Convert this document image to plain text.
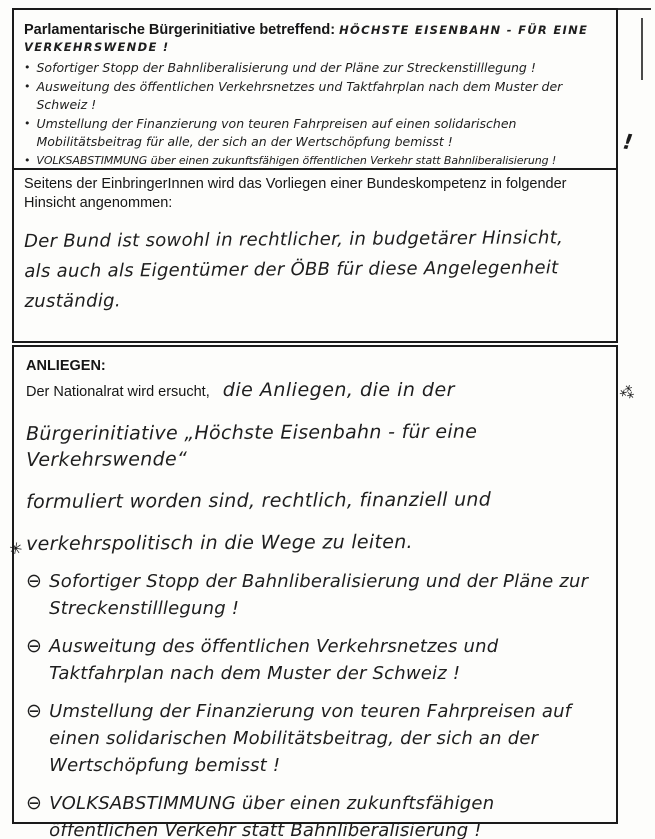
Parlamentarische Bürgerinitiative betreffend: HÖCHSTE EISENBAHN - FÜR EINE VERKEHRSWENDE !

• Sofortiger Stopp der Bahnliberalisierung und der Pläne zur Streckenstilllegung !
• Ausweitung des öffentlichen Verkehrsnetzes und Taktfahrplan nach dem Muster der Schweiz !
• Umstellung der Finanzierung von teuren Fahrpreisen auf einen solidarischen Mobilitätsbeitrag für alle, der sich an der Wertschöpfung bemisst !
• VOLKSABSTIMMUNG über einen zukunftsfähigen öffentlichen Verkehr statt Bahnliberalisierung !

Seitens der EinbringerInnen wird das Vorliegen einer Bundeskompetenz in folgender Hinsicht angenommen:

Der Bund ist sowohl in rechtlicher, in budgetärer Hinsicht,
als auch als Eigentümer der ÖBB für diese Angelegenheit
zuständig.

ANLIEGEN:

Der Nationalrat wird ersucht, die Anliegen, die in der

Bürgerinitiative „Höchste Eisenbahn - für eine Verkehrswende“
formuliert worden sind, rechtlich, finanziell und
verkehrspolitisch in die Wege zu leiten.
⊖ Sofortiger Stopp der Bahnliberalisierung und der Pläne zur Streckenstilllegung !
⊖ Ausweitung des öffentlichen Verkehrsnetzes und Taktfahrplan nach dem Muster der Schweiz !
⊖ Umstellung der Finanzierung von teuren Fahrpreisen auf einen solidarischen Mobilitätsbeitrag, der sich an der Wertschöpfung bemisst !
⊖ VOLKSABSTIMMUNG über einen zukunftsfähigen öffentlichen Verkehr statt Bahnliberalisierung !
✳
⁂
!
